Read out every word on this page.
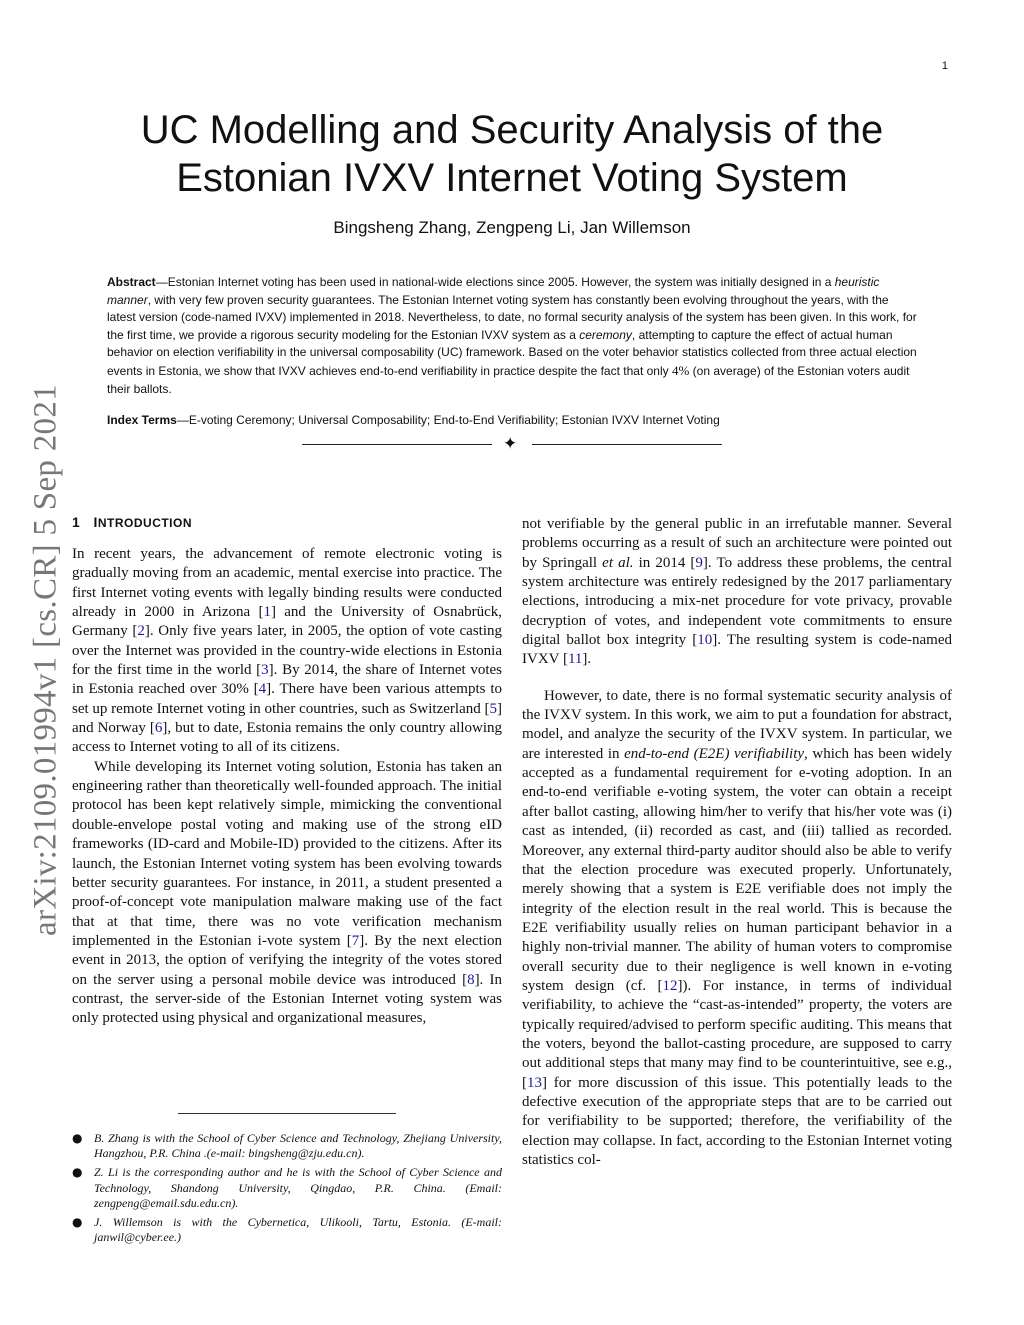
1
arXiv:2109.01994v1 [cs.CR] 5 Sep 2021
UC Modelling and Security Analysis of the
Estonian IVXV Internet Voting System
Bingsheng Zhang, Zengpeng Li, Jan Willemson
Abstract—Estonian Internet voting has been used in national-wide elections since 2005. However, the system was initially designed in a heuristic manner, with very few proven security guarantees. The Estonian Internet voting system has constantly been evolving throughout the years, with the latest version (code-named IVXV) implemented in 2018. Nevertheless, to date, no formal security analysis of the system has been given. In this work, for the first time, we provide a rigorous security modeling for the Estonian IVXV system as a ceremony, attempting to capture the effect of actual human behavior on election verifiability in the universal composability (UC) framework. Based on the voter behavior statistics collected from three actual election events in Estonia, we show that IVXV achieves end-to-end verifiability in practice despite the fact that only 4% (on average) of the Estonian voters audit their ballots.
Index Terms—E-voting Ceremony; Universal Composability; End-to-End Verifiability; Estonian IVXV Internet Voting
✦
1 INTRODUCTION

In recent years, the advancement of remote electronic voting is gradually moving from an academic, mental exercise into practice. The first Internet voting events with legally binding results were conducted already in 2000 in Arizona [1] and the University of Osnabrück, Germany [2]. Only five years later, in 2005, the option of vote casting over the Internet was provided in the country-wide elections in Estonia for the first time in the world [3]. By 2014, the share of Internet votes in Estonia reached over 30% [4]. There have been various attempts to set up remote Internet voting in other countries, such as Switzerland [5] and Norway [6], but to date, Estonia remains the only country allowing access to Internet voting to all of its citizens.

While developing its Internet voting solution, Estonia has taken an engineering rather than theoretically well-founded approach. The initial protocol has been kept relatively simple, mimicking the conventional double-envelope postal voting and making use of the strong eID frameworks (ID-card and Mobile-ID) provided to the citizens. After its launch, the Estonian Internet voting system has been evolving towards better security guarantees. For instance, in 2011, a student presented a proof-of-concept vote manipulation malware making use of the fact that at that time, there was no vote verification mechanism implemented in the Estonian i-vote system [7]. By the next election event in 2013, the option of verifying the integrity of the votes stored on the server using a personal mobile device was introduced [8]. In contrast, the server-side of the Estonian Internet voting system was only protected using physical and organizational measures,

● B. Zhang is with the School of Cyber Science and Technology, Zhejiang University, Hangzhou, P.R. China .(e-mail: bingsheng@zju.edu.cn).
● Z. Li is the corresponding author and he is with the School of Cyber Science and Technology, Shandong University, Qingdao, P.R. China. (Email: zengpeng@email.sdu.edu.cn).
● J. Willemson is with the Cybernetica, Ulikooli, Tartu, Estonia. (E-mail: janwil@cyber.ee.)

not verifiable by the general public in an irrefutable manner. Several problems occurring as a result of such an architecture were pointed out by Springall et al. in 2014 [9]. To address these problems, the central system architecture was entirely redesigned by the 2017 parliamentary elections, introducing a mix-net procedure for vote privacy, provable decryption of votes, and independent vote commitments to ensure digital ballot box integrity [10]. The resulting system is code-named IVXV [11].

However, to date, there is no formal systematic security analysis of the IVXV system. In this work, we aim to put a foundation for abstract, model, and analyze the security of the IVXV system. In particular, we are interested in end-to-end (E2E) verifiability, which has been widely accepted as a fundamental requirement for e-voting adoption. In an end-to-end verifiable e-voting system, the voter can obtain a receipt after ballot casting, allowing him/her to verify that his/her vote was (i) cast as intended, (ii) recorded as cast, and (iii) tallied as recorded. Moreover, any external third-party auditor should also be able to verify that the election procedure was executed properly. Unfortunately, merely showing that a system is E2E verifiable does not imply the integrity of the election result in the real world. This is because the E2E verifiability usually relies on human participant behavior in a highly non-trivial manner. The ability of human voters to compromise overall security due to their negligence is well known in e-voting system design (cf. [12]). For instance, in terms of individual verifiability, to achieve the “cast-as-intended” property, the voters are typically required/advised to perform specific auditing. This means that the voters, beyond the ballot-casting procedure, are supposed to carry out additional steps that many may find to be counterintuitive, see e.g., [13] for more discussion of this issue. This potentially leads to the defective execution of the appropriate steps that are to be carried out for verifiability to be supported; therefore, the verifiability of the election may collapse. In fact, according to the Estonian Internet voting statistics col-
